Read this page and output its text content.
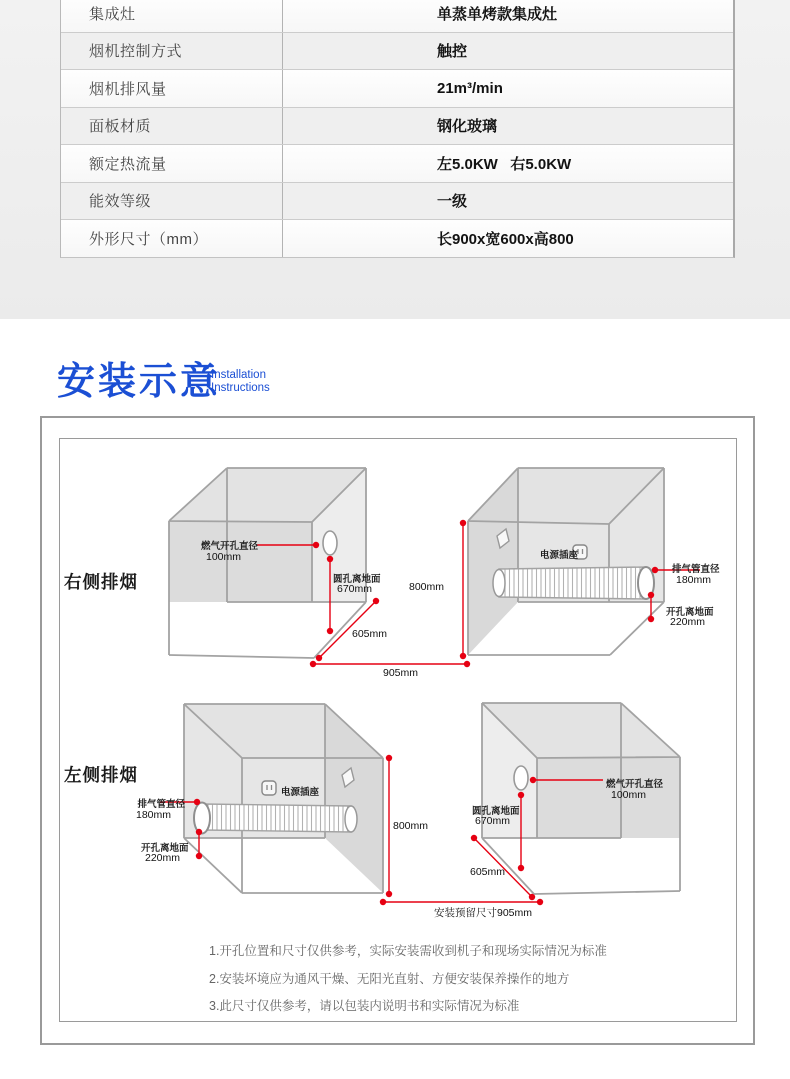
集成灶	单蒸单烤款集成灶
烟机控制方式	触控
烟机排风量	21m³/min
面板材质	钢化玻璃
额定热流量	左5.0KW   右5.0KW
能效等级	一级
外形尺寸（mm）	长900x宽600x高800
安装示意
Installation
Instructions
右侧排烟
左侧排烟
燃气开孔直径
100mm
圆孔离地面
670mm
605mm
905mm
电源插座
排气管直径
180mm
开孔离地面
220mm
800mm
排气管直径
180mm
开孔离地面
220mm
电源插座
800mm
安装预留尺寸905mm
燃气开孔直径
100mm
圆孔离地面
670mm
605mm
1.开孔位置和尺寸仅供参考，实际安装需收到机子和现场实际情况为标准
2.安装坏境应为通风干燥、无阳光直射、方便安装保养操作的地方
3.此尺寸仅供参考，请以包装内说明书和实际情况为标准
